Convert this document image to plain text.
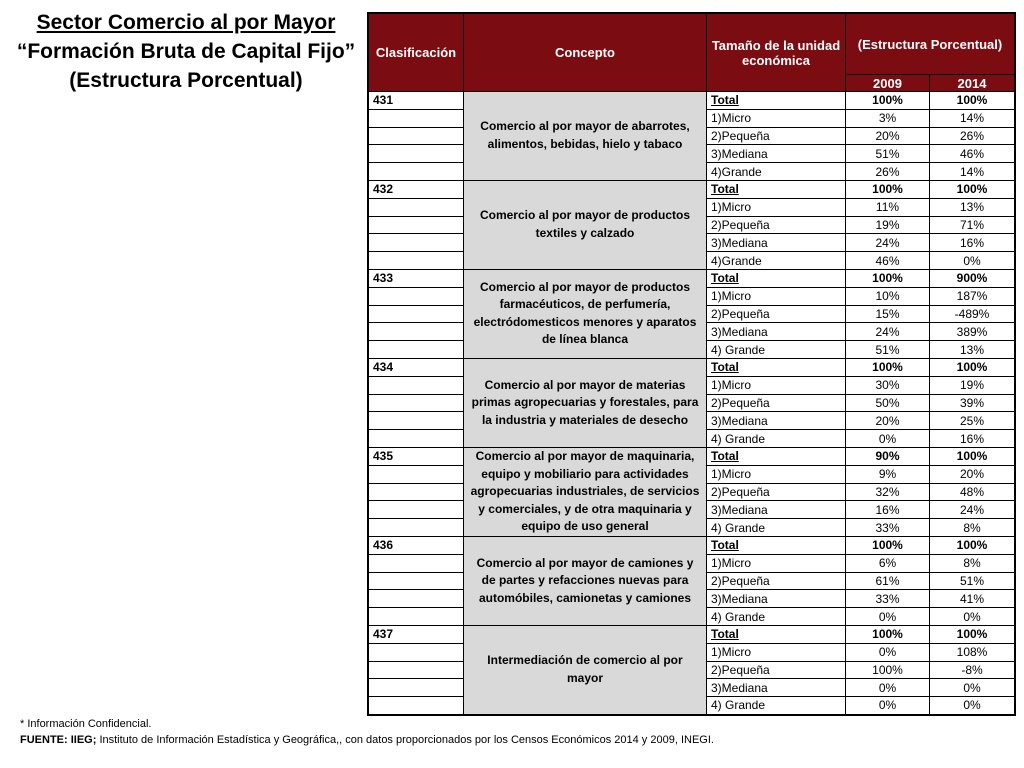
Sector Comercio al por Mayor
“Formación Bruta de Capital Fijo”
(Estructura Porcentual)
Clasificación	Concepto	Tamaño de la unidad económica	(Estructura Porcentual)	
			2009	2014
431	Comercio al por mayor de abarrotes, alimentos, bebidas, hielo y tabaco	Total	100%	100%
		1)Micro	3%	14%
		2)Pequeña	20%	26%
		3)Mediana	51%	46%
		4)Grande	26%	14%
432	Comercio al por mayor de productos textiles y calzado	Total	100%	100%
		1)Micro	11%	13%
		2)Pequeña	19%	71%
		3)Mediana	24%	16%
		4)Grande	46%	0%
433	Comercio al por mayor de productos farmacéuticos, de perfumería, electródomesticos menores y aparatos de línea blanca	Total	100%	900%
		1)Micro	10%	187%
		2)Pequeña	15%	-489%
		3)Mediana	24%	389%
		4) Grande	51%	13%
434	Comercio al por mayor de materias primas agropecuarias y forestales, para la industria y materiales de desecho	Total	100%	100%
		1)Micro	30%	19%
		2)Pequeña	50%	39%
		3)Mediana	20%	25%
		4) Grande	0%	16%
435	Comercio al por mayor de maquinaria, equipo y mobiliario para actividades agropecuarias industriales, de servicios y comerciales, y de otra maquinaria y equipo de uso general	Total	90%	100%
		1)Micro	9%	20%
		2)Pequeña	32%	48%
		3)Mediana	16%	24%
		4) Grande	33%	8%
436	Comercio al por mayor de camiones y de partes y refacciones nuevas para automóbiles, camionetas y camiones	Total	100%	100%
		1)Micro	6%	8%
		2)Pequeña	61%	51%
		3)Mediana	33%	41%
		4) Grande	0%	0%
437	Intermediación de comercio al por mayor	Total	100%	100%
		1)Micro	0%	108%
		2)Pequeña	100%	-8%
		3)Mediana	0%	0%
		4) Grande	0%	0%
* Información Confidencial.
FUENTE: IIEG; Instituto de Información Estadística y Geográfica,, con datos proporcionados por los Censos Económicos 2014 y 2009, INEGI.
